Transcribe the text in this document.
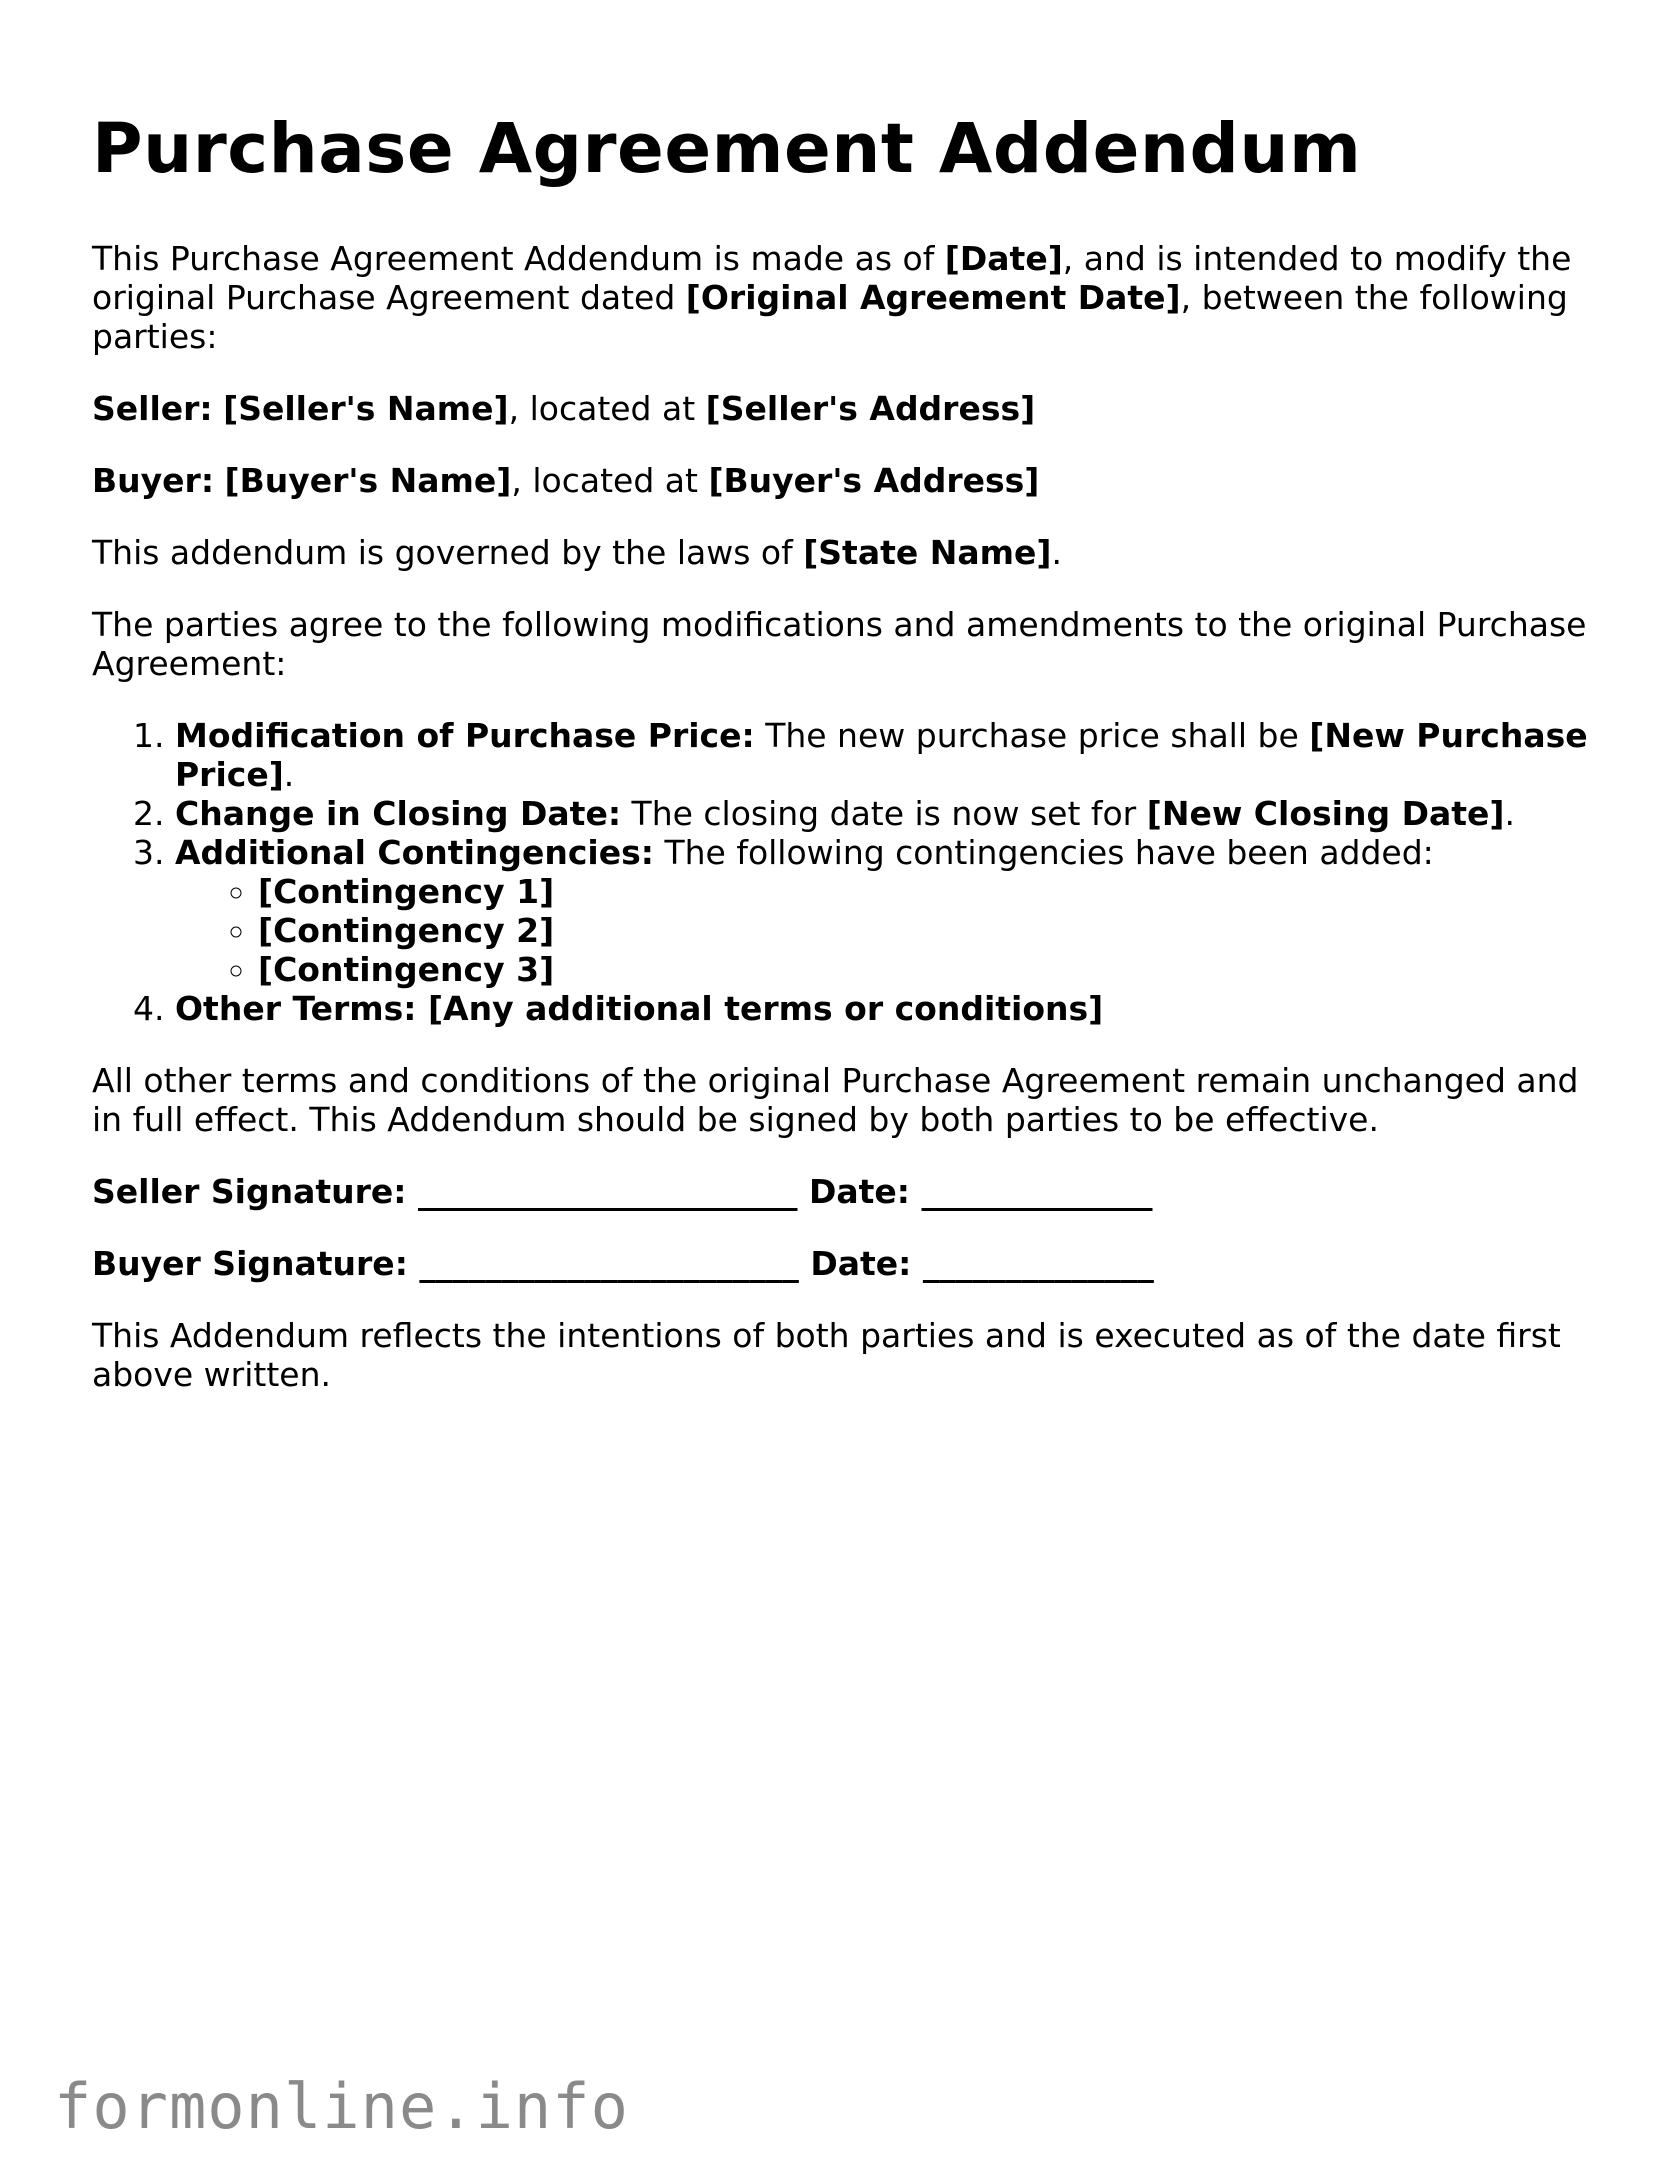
Purchase Agreement Addendum

This Purchase Agreement Addendum is made as of [Date], and is intended to modify the original Purchase Agreement dated [Original Agreement Date], between the following parties:

Seller: [Seller's Name], located at [Seller's Address]

Buyer: [Buyer's Name], located at [Buyer's Address]

This addendum is governed by the laws of [State Name].

The parties agree to the following modifications and amendments to the original Purchase Agreement:

1. Modification of Purchase Price: The new purchase price shall be [New Purchase Price].
2. Change in Closing Date: The closing date is now set for [New Closing Date].
3. Additional Contingencies: The following contingencies have been added:
◦ [Contingency 1]
◦ [Contingency 2]
◦ [Contingency 3]
4. Other Terms: [Any additional terms or conditions]

All other terms and conditions of the original Purchase Agreement remain unchanged and in full effect. This Addendum should be signed by both parties to be effective.

Seller Signature: _______________________ Date: ______________

Buyer Signature: _______________________ Date: ______________

This Addendum reflects the intentions of both parties and is executed as of the date first above written.

formonline.info
